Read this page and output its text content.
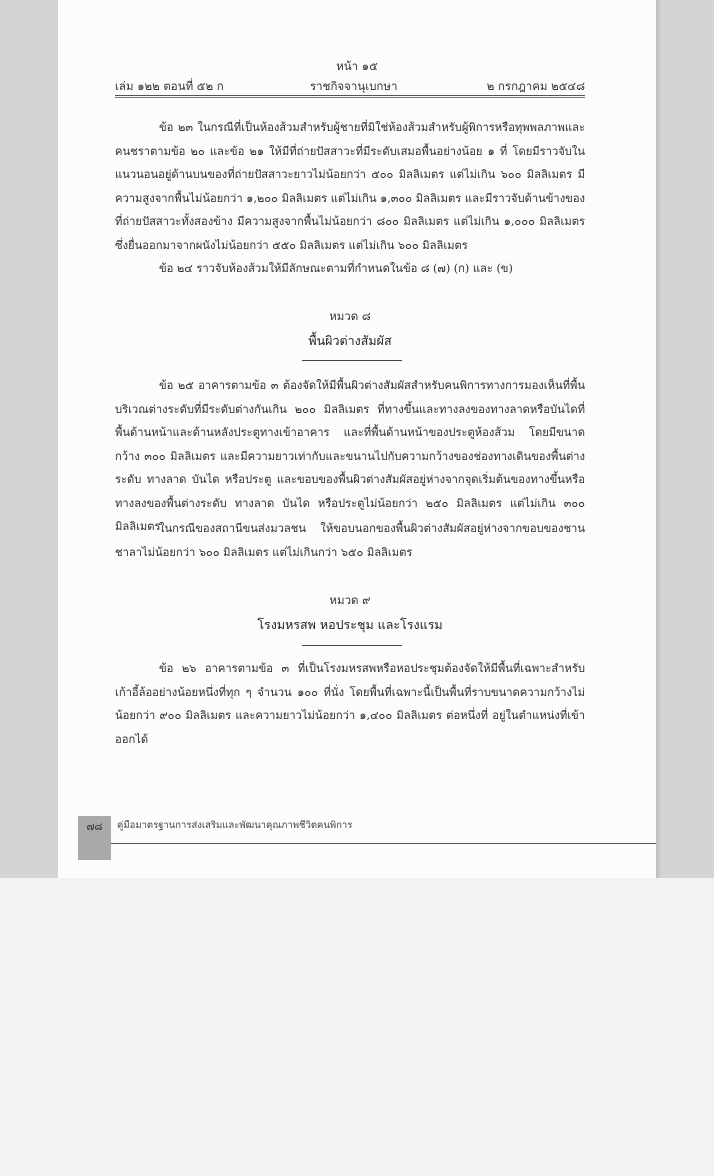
หน้า ๑๕
เล่ม ๑๒๒ ตอนที่ ๕๒ ก	ราชกิจจานุเบกษา	๒ กรกฎาคม ๒๕๔๘

ข้อ ๒๓ ในกรณีที่เป็นห้องส้วมสำหรับผู้ชายที่มิใช่ห้องส้วมสำหรับผู้พิการหรือทุพพลภาพและคนชราตามข้อ ๒๐ และข้อ ๒๑ ให้มีที่ถ่ายปัสสาวะที่มีระดับเสมอพื้นอย่างน้อย ๑ ที่ โดยมีราวจับในแนวนอนอยู่ด้านบนของที่ถ่ายปัสสาวะยาวไม่น้อยกว่า ๕๐๐ มิลลิเมตร แต่ไม่เกิน ๖๐๐ มิลลิเมตร มีความสูงจากพื้นไม่น้อยกว่า ๑,๒๐๐ มิลลิเมตร แต่ไม่เกิน ๑,๓๐๐ มิลลิเมตร และมีราวจับด้านข้างของที่ถ่ายปัสสาวะทั้งสองข้าง มีความสูงจากพื้นไม่น้อยกว่า ๘๐๐ มิลลิเมตร แต่ไม่เกิน ๑,๐๐๐ มิลลิเมตร ซึ่งยื่นออกมาจากผนังไม่น้อยกว่า ๕๕๐ มิลลิเมตร แต่ไม่เกิน ๖๐๐ มิลลิเมตร

ข้อ ๒๔ ราวจับห้องส้วมให้มีลักษณะตามที่กำหนดในข้อ ๘ (๗) (ก) และ (ข)

หมวด ๘
พื้นผิวต่างสัมผัส

ข้อ ๒๕ อาคารตามข้อ ๓ ต้องจัดให้มีพื้นผิวต่างสัมผัสสำหรับคนพิการทางการมองเห็นที่พื้นบริเวณต่างระดับที่มีระดับต่างกันเกิน ๒๐๐ มิลลิเมตร ที่ทางขึ้นและทางลงของทางลาดหรือบันไดที่พื้นด้านหน้าและด้านหลังประตูทางเข้าอาคาร และที่พื้นด้านหน้าของประตูห้องส้วม โดยมีขนาดกว้าง ๓๐๐ มิลลิเมตร และมีความยาวเท่ากับและขนานไปกับความกว้างของช่องทางเดินของพื้นต่างระดับ ทางลาด บันได หรือประตู และขอบของพื้นผิวต่างสัมผัสอยู่ห่างจากจุดเริ่มต้นของทางขึ้นหรือทางลงของพื้นต่างระดับ ทางลาด บันได หรือประตูไม่น้อยกว่า ๒๕๐ มิลลิเมตร แต่ไม่เกิน ๓๐๐ มิลลิเมตร

ในกรณีของสถานีขนส่งมวลชน ให้ขอบนอกของพื้นผิวต่างสัมผัสอยู่ห่างจากขอบของชานชาลาไม่น้อยกว่า ๖๐๐ มิลลิเมตร แต่ไม่เกินกว่า ๖๕๐ มิลลิเมตร

หมวด ๙
โรงมหรสพ หอประชุม และโรงแรม

ข้อ ๒๖ อาคารตามข้อ ๓ ที่เป็นโรงมหรสพหรือหอประชุมต้องจัดให้มีพื้นที่เฉพาะสำหรับเก้าอี้ล้ออย่างน้อยหนึ่งที่ทุก ๆ จำนวน ๑๐๐ ที่นั่ง โดยพื้นที่เฉพาะนี้เป็นพื้นที่ราบขนาดความกว้างไม่น้อยกว่า ๙๐๐ มิลลิเมตร และความยาวไม่น้อยกว่า ๑,๔๐๐ มิลลิเมตร ต่อหนึ่งที่ อยู่ในตำแหน่งที่เข้าออกได้

๗๘	คู่มือมาตรฐานการส่งเสริมและพัฒนาคุณภาพชีวิตคนพิการ
